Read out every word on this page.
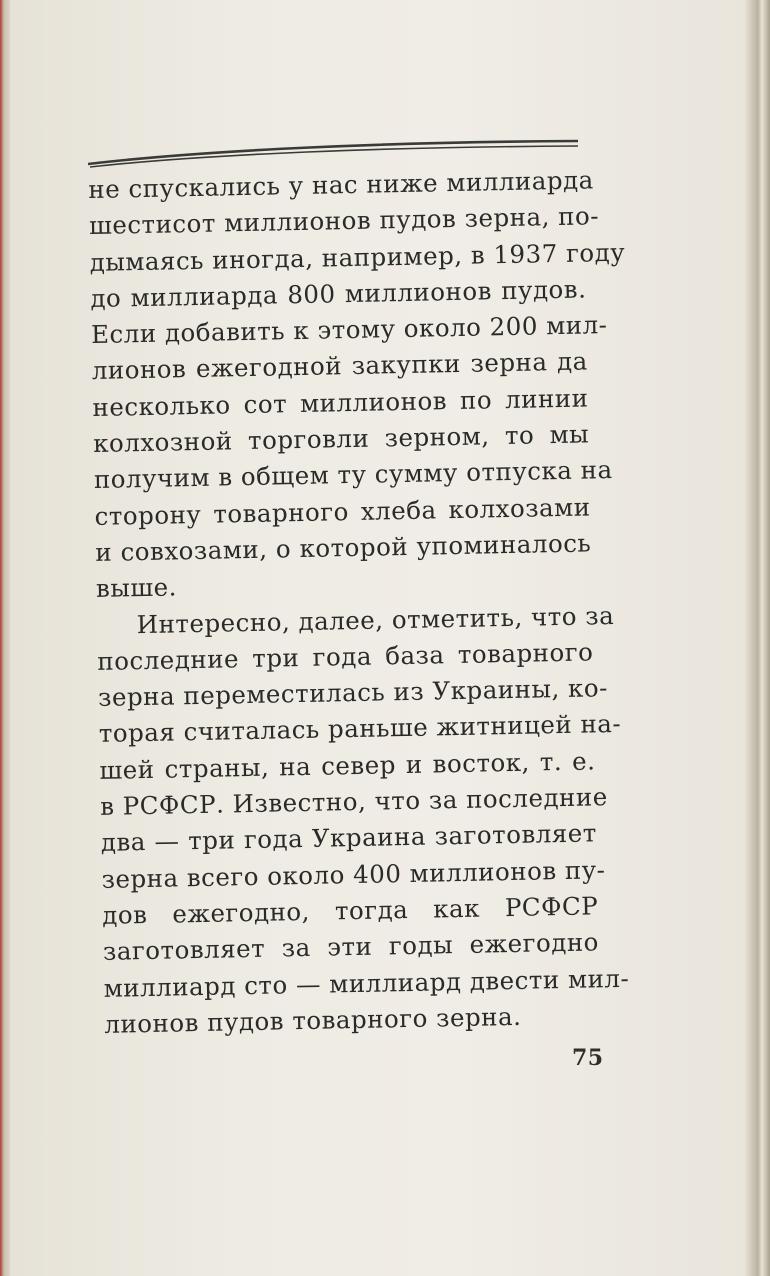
не спускались у нас ниже миллиарда
шестисот миллионов пудов зерна, по-
дымаясь иногда, например, в 1937 году
до миллиарда 800 миллионов пудов.
Если добавить к этому около 200 мил-
лионов ежегодной закупки зерна да
несколько сот миллионов по линии
колхозной торговли зерном, то мы
получим в общем ту сумму отпуска на
сторону товарного хлеба колхозами
и совхозами, о которой упоминалось
выше.
Интересно, далее, отметить, что за
последние три года база товарного
зерна переместилась из Украины, ко-
торая считалась раньше житницей на-
шей страны, на север и восток, т. е.
в РСФСР. Известно, что за последние
два — три года Украина заготовляет
зерна всего около 400 миллионов пу-
дов ежегодно, тогда как РСФСР
заготовляет за эти годы ежегодно
миллиард сто — миллиард двести мил-
лионов пудов товарного зерна.
75
